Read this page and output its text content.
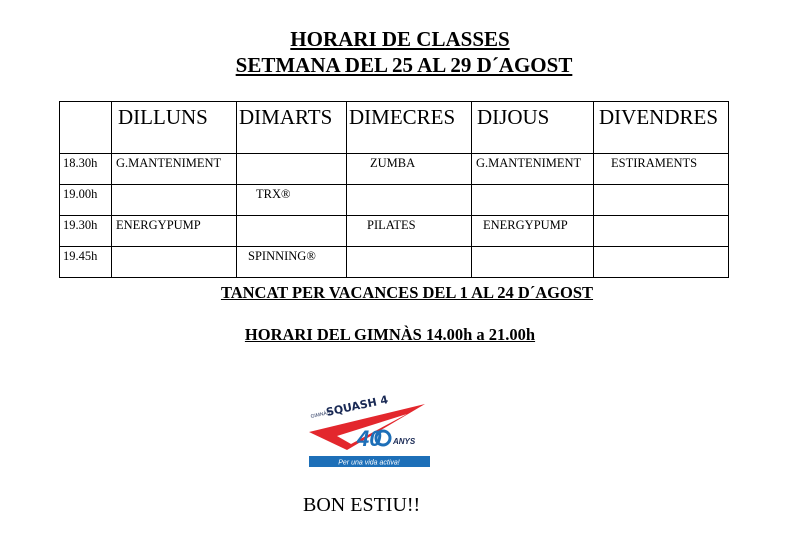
HORARI DE CLASSES
SETMANA DEL 25 AL 29 D´AGOST

	DILLUNS	DIMARTS	DIMECRES	DIJOUS	DIVENDRES

18.30h	G.MANTENIMENT		ZUMBA	G.MANTENIMENT	ESTIRAMENTS

19.00h		TRX®			

19.30h	ENERGYPUMP		PILATES	ENERGYPUMP	

19.45h		SPINNING®			

TANCAT PER VACANCES DEL 1 AL 24 D´AGOST
HORARI DEL GIMNÀS 14.00h a 21.00h
GIMNÀS
SQUASH 4
40 ANYS
Per una vida activa!
BON ESTIU!!
